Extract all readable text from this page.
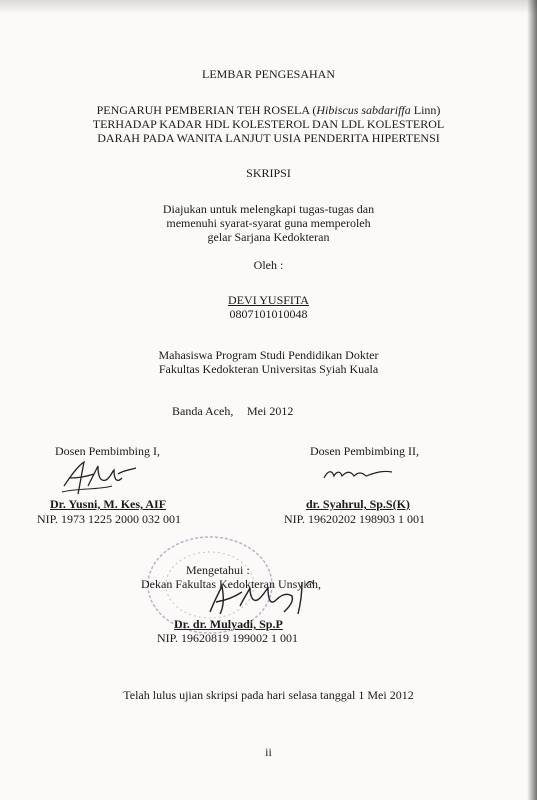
LEMBAR PENGESAHAN
PENGARUH PEMBERIAN TEH ROSELA (Hibiscus sabdariffa Linn)
TERHADAP KADAR HDL KOLESTEROL DAN LDL KOLESTEROL
DARAH PADA WANITA LANJUT USIA PENDERITA HIPERTENSI
SKRIPSI
Diajukan untuk melengkapi tugas-tugas dan
memenuhi syarat-syarat guna memperoleh
gelar Sarjana Kedokteran
Oleh :
DEVI YUSFITA
0807101010048
Mahasiswa Program Studi Pendidikan Dokter
Fakultas Kedokteran Universitas Syiah Kuala
Banda Aceh, Mei 2012
Dosen Pembimbing I,
Dr. Yusni, M. Kes, AIF
NIP. 1973 1225 2000 032 001
Dosen Pembimbing II,
dr. Syahrul, Sp.S(K)
NIP. 19620202 198903 1 001
Mengetahui :
Dekan Fakultas Kedokteran Unsyiah,
Dr. dr. Mulyadi, Sp.P
NIP. 19620819 199002 1 001
Telah lulus ujian skripsi pada hari selasa tanggal 1 Mei 2012
ii
